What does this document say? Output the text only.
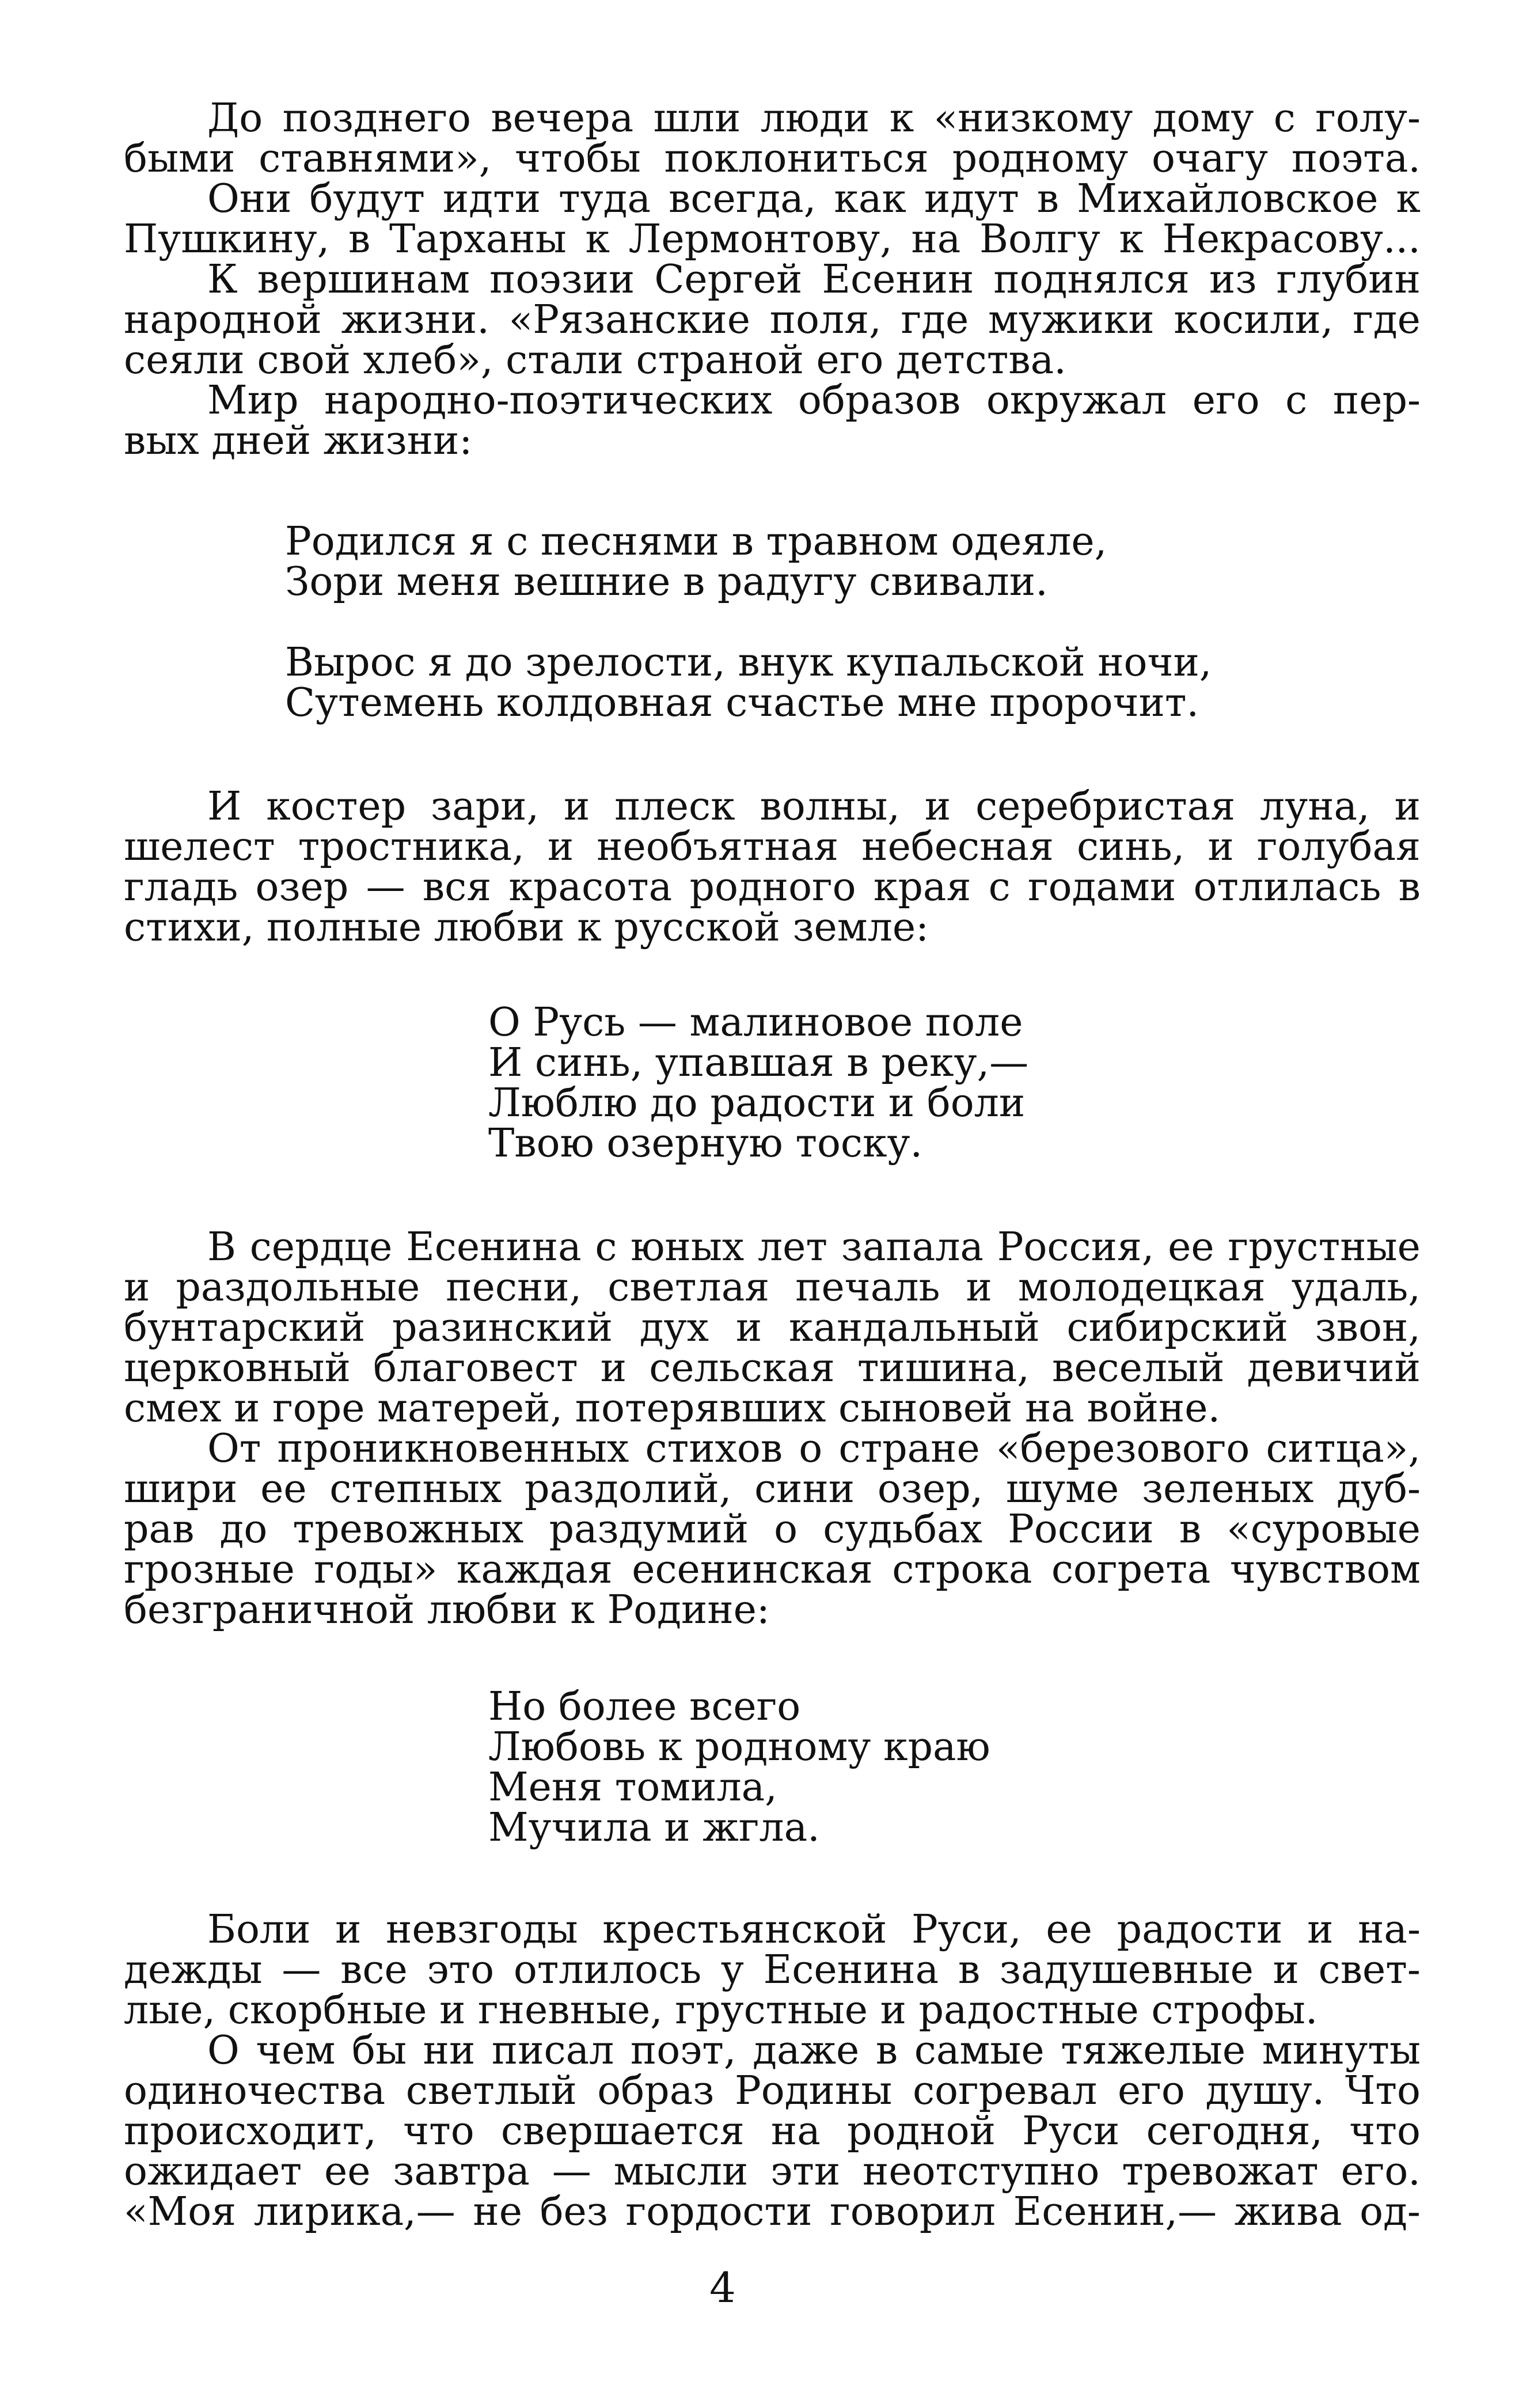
До позднего вечера шли люди к «низкому дому с голу-
быми ставнями», чтобы поклониться родному очагу поэта.
Они будут идти туда всегда, как идут в Михайловское к
Пушкину, в Тарханы к Лермонтову, на Волгу к Некрасову...
К вершинам поэзии Сергей Есенин поднялся из глубин
народной жизни. «Рязанские поля, где мужики косили, где
сеяли свой хлеб», стали страной его детства.
Мир народно-поэтических образов окружал его с пер-
вых дней жизни:
Родился я с песнями в травном одеяле,
Зори меня вешние в радугу свивали.
Вырос я до зрелости, внук купальской ночи,
Сутемень колдовная счастье мне пророчит.
И костер зари, и плеск волны, и серебристая луна, и
шелест тростника, и необъятная небесная синь, и голубая
гладь озер — вся красота родного края с годами отлилась в
стихи, полные любви к русской земле:
О Русь — малиновое поле
И синь, упавшая в реку,—
Люблю до радости и боли
Твою озерную тоску.
В сердце Есенина с юных лет запала Россия, ее грустные
и раздольные песни, светлая печаль и молодецкая удаль,
бунтарский разинский дух и кандальный сибирский звон,
церковный благовест и сельская тишина, веселый девичий
смех и горе матерей, потерявших сыновей на войне.
От проникновенных стихов о стране «березового ситца»,
шири ее степных раздолий, сини озер, шуме зеленых дуб-
рав до тревожных раздумий о судьбах России в «суровые
грозные годы» каждая есенинская строка согрета чувством
безграничной любви к Родине:
Но более всего
Любовь к родному краю
Меня томила,
Мучила и жгла.
Боли и невзгоды крестьянской Руси, ее радости и на-
дежды — все это отлилось у Есенина в задушевные и свет-
лые, скорбные и гневные, грустные и радостные строфы.
О чем бы ни писал поэт, даже в самые тяжелые минуты
одиночества светлый образ Родины согревал его душу. Что
происходит, что свершается на родной Руси сегодня, что
ожидает ее завтра — мысли эти неотступно тревожат его.
«Моя лирика,— не без гордости говорил Есенин,— жива од-
4
